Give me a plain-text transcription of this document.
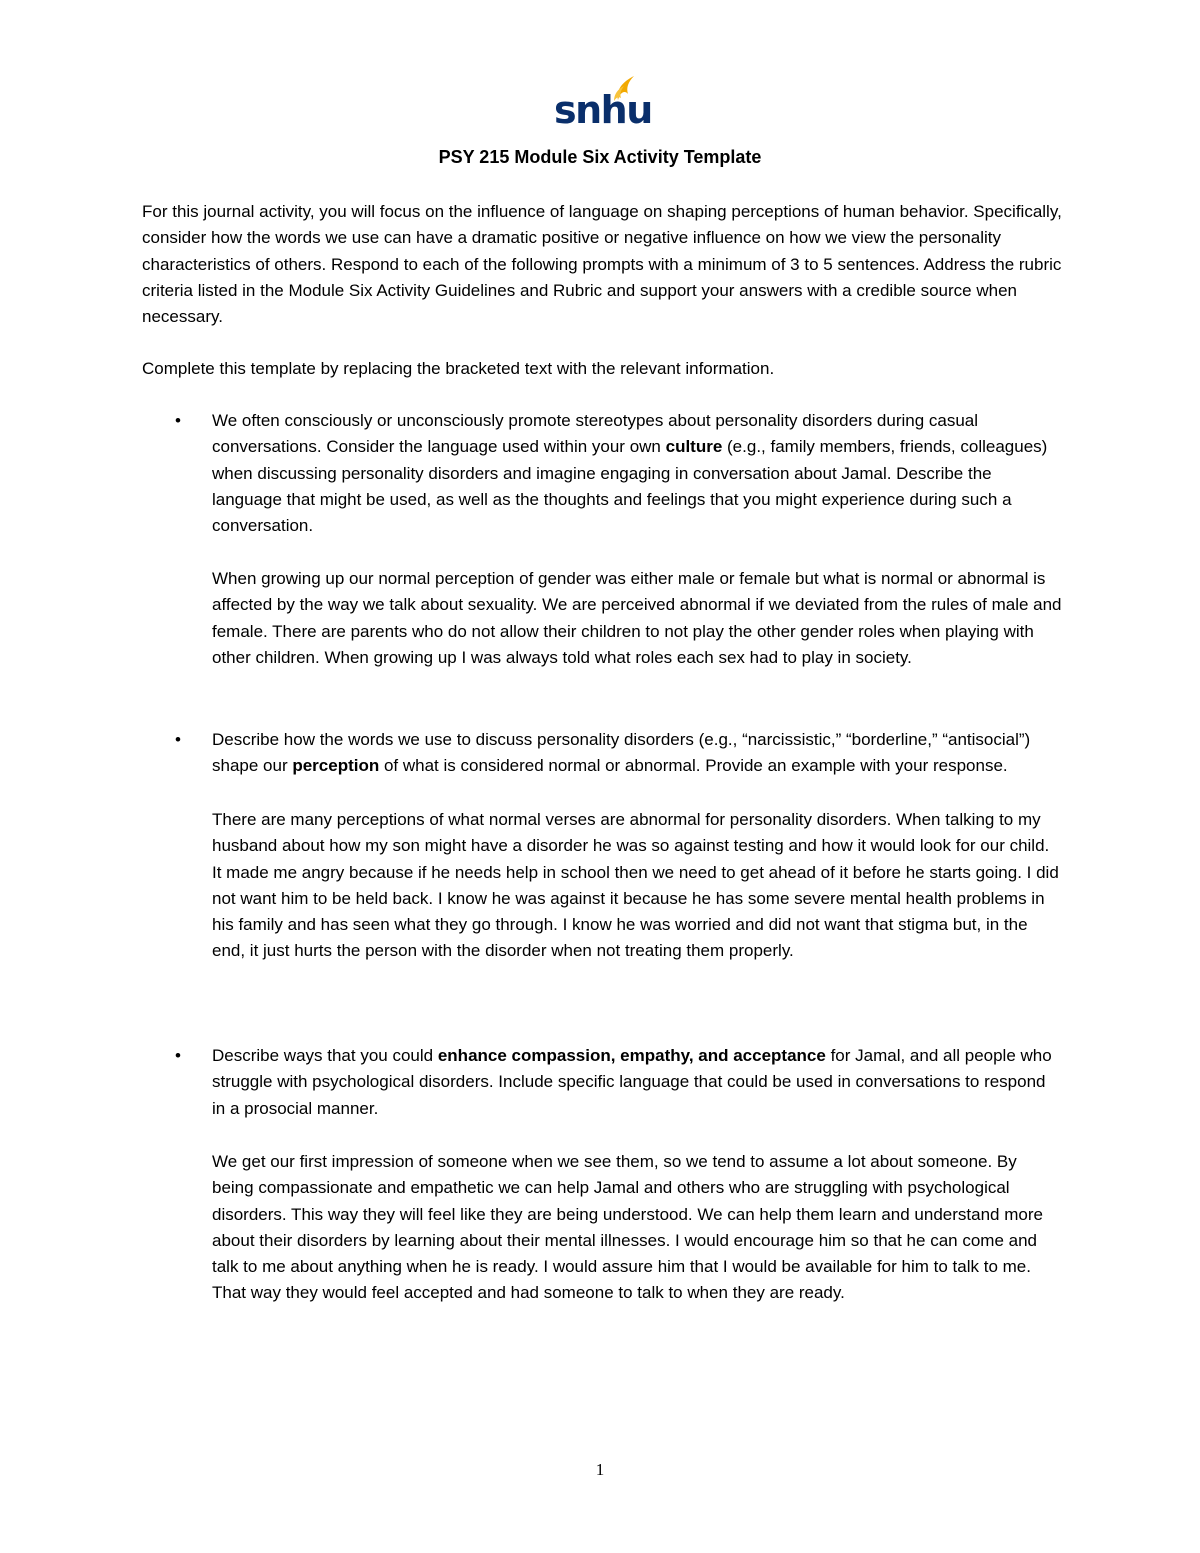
snhu
PSY 215 Module Six Activity Template
For this journal activity, you will focus on the influence of language on shaping perceptions of human behavior. Specifically, consider how the words we use can have a dramatic positive or negative influence on how we view the personality characteristics of others. Respond to each of the following prompts with a minimum of 3 to 5 sentences. Address the rubric criteria listed in the Module Six Activity Guidelines and Rubric and support your answers with a credible source when necessary.
Complete this template by replacing the bracketed text with the relevant information.
• We often consciously or unconsciously promote stereotypes about personality disorders during casual conversations. Consider the language used within your own culture (e.g., family members, friends, colleagues) when discussing personality disorders and imagine engaging in conversation about Jamal. Describe the language that might be used, as well as the thoughts and feelings that you might experience during such a conversation.
When growing up our normal perception of gender was either male or female but what is normal or abnormal is affected by the way we talk about sexuality. We are perceived abnormal if we deviated from the rules of male and female. There are parents who do not allow their children to not play the other gender roles when playing with other children. When growing up I was always told what roles each sex had to play in society.
• Describe how the words we use to discuss personality disorders (e.g., “narcissistic,” “borderline,” “antisocial”) shape our perception of what is considered normal or abnormal. Provide an example with your response.
There are many perceptions of what normal verses are abnormal for personality disorders. When talking to my husband about how my son might have a disorder he was so against testing and how it would look for our child. It made me angry because if he needs help in school then we need to get ahead of it before he starts going. I did not want him to be held back. I know he was against it because he has some severe mental health problems in his family and has seen what they go through. I know he was worried and did not want that stigma but, in the end, it just hurts the person with the disorder when not treating them properly.
• Describe ways that you could enhance compassion, empathy, and acceptance for Jamal, and all people who struggle with psychological disorders. Include specific language that could be used in conversations to respond in a prosocial manner.
We get our first impression of someone when we see them, so we tend to assume a lot about someone. By being compassionate and empathetic we can help Jamal and others who are struggling with psychological disorders. This way they will feel like they are being understood. We can help them learn and understand more about their disorders by learning about their mental illnesses. I would encourage him so that he can come and talk to me about anything when he is ready. I would assure him that I would be available for him to talk to me. That way they would feel accepted and had someone to talk to when they are ready.
1
